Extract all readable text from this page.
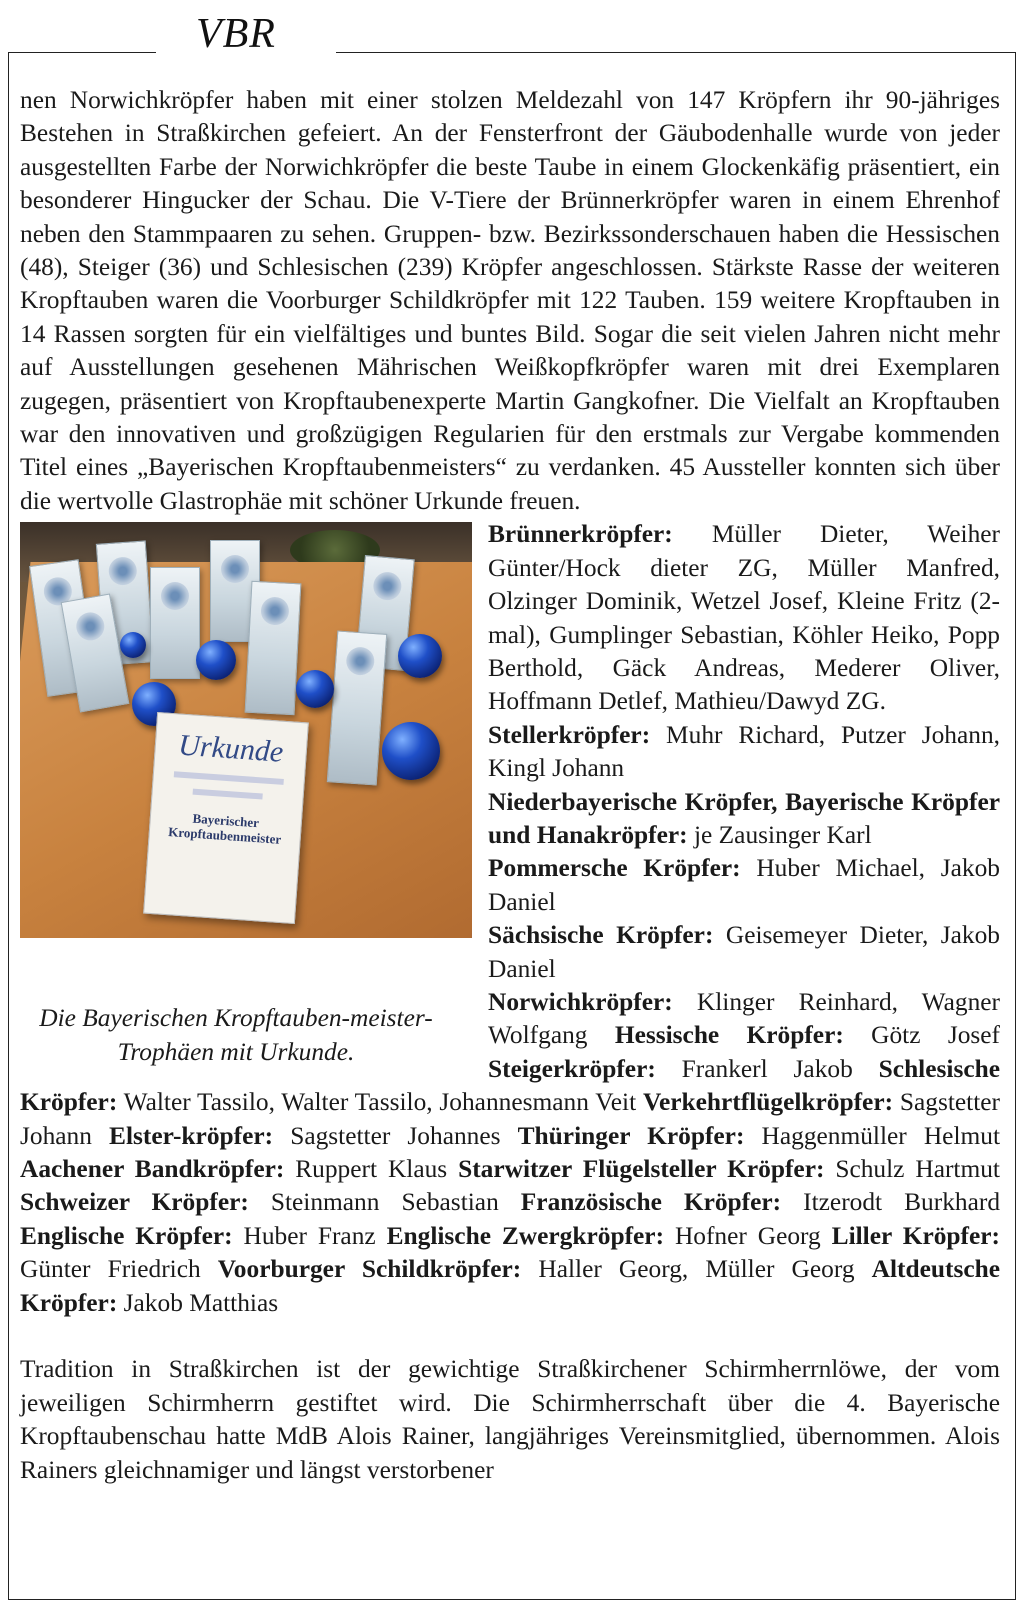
VBR

nen Norwichkröpfer haben mit einer stolzen Meldezahl von 147 Kröpfern ihr 90-jähriges Bestehen in Straßkirchen gefeiert. An der Fensterfront der Gäubodenhalle wurde von jeder ausgestellten Farbe der Norwichkröpfer die beste Taube in einem Glockenkäfig präsentiert, ein besonderer Hingucker der Schau. Die V-Tiere der Brünnerkröpfer waren in einem Ehrenhof neben den Stammpaaren zu sehen. Gruppen- bzw. Bezirkssonderschauen haben die Hessischen (48), Steiger (36) und Schlesischen (239) Kröpfer angeschlossen. Stärkste Rasse der weiteren Kropftauben waren die Voorburger Schildkröpfer mit 122 Tauben. 159 weitere Kropftauben in 14 Rassen sorgten für ein vielfältiges und buntes Bild. Sogar die seit vielen Jahren nicht mehr auf Ausstellungen gesehenen Mährischen Weißkopfkröpfer waren mit drei Exemplaren zugegen, präsentiert von Kropftaubenexperte Martin Gangkofner. Die Vielfalt an Kropftauben war den innovativen und großzügigen Regularien für den erstmals zur Vergabe kommenden Titel eines „Bayerischen Kropftaubenmeisters“ zu verdanken. 45 Aussteller konnten sich über die wertvolle Glastrophäe mit schöner Urkunde freuen.

Urkunde
Bayerischer Kropftaubenmeister
Die Bayerischen Kropftauben-meister-Trophäen mit Urkunde.

Brünnerkröpfer: Müller Dieter, Weiher Günter/Hock dieter ZG, Müller Manfred, Olzinger Dominik, Wetzel Josef, Kleine Fritz (2-mal), Gumplinger Sebastian, Köhler Heiko, Popp Berthold, Gäck Andreas, Mederer Oliver, Hoffmann Detlef, Mathieu/Dawyd ZG.
Stellerkröpfer: Muhr Richard, Putzer Johann, Kingl Johann
Niederbayerische Kröpfer, Bayerische Kröpfer und Hanakröpfer: je Zausinger Karl
Pommersche Kröpfer: Huber Michael, Jakob Daniel
Sächsische Kröpfer: Geisemeyer Dieter, Jakob Daniel
Norwichkröpfer: Klinger Reinhard, Wagner Wolfgang Hessische Kröpfer: Götz Josef Steigerkröpfer: Frankerl Jakob Schlesische Kröpfer: Walter Tassilo, Walter Tassilo, Johannesmann Veit Verkehrtflügelkröpfer: Sagstetter Johann Elster-kröpfer: Sagstetter Johannes Thüringer Kröpfer: Haggenmüller Helmut Aachener Bandkröpfer: Ruppert Klaus Starwitzer Flügelsteller Kröpfer: Schulz Hartmut Schweizer Kröpfer: Steinmann Sebastian Französische Kröpfer: Itzerodt Burkhard Englische Kröpfer: Huber Franz Englische Zwergkröpfer: Hofner Georg Liller Kröpfer: Günter Friedrich Voorburger Schildkröpfer: Haller Georg, Müller Georg Altdeutsche Kröpfer: Jakob Matthias

Tradition in Straßkirchen ist der gewichtige Straßkirchener Schirmherrnlöwe, der vom jeweiligen Schirmherrn gestiftet wird. Die Schirmherrschaft über die 4. Bayerische Kropftaubenschau hatte MdB Alois Rainer, langjähriges Vereinsmitglied, übernommen. Alois Rainers gleichnamiger und längst verstorbener
